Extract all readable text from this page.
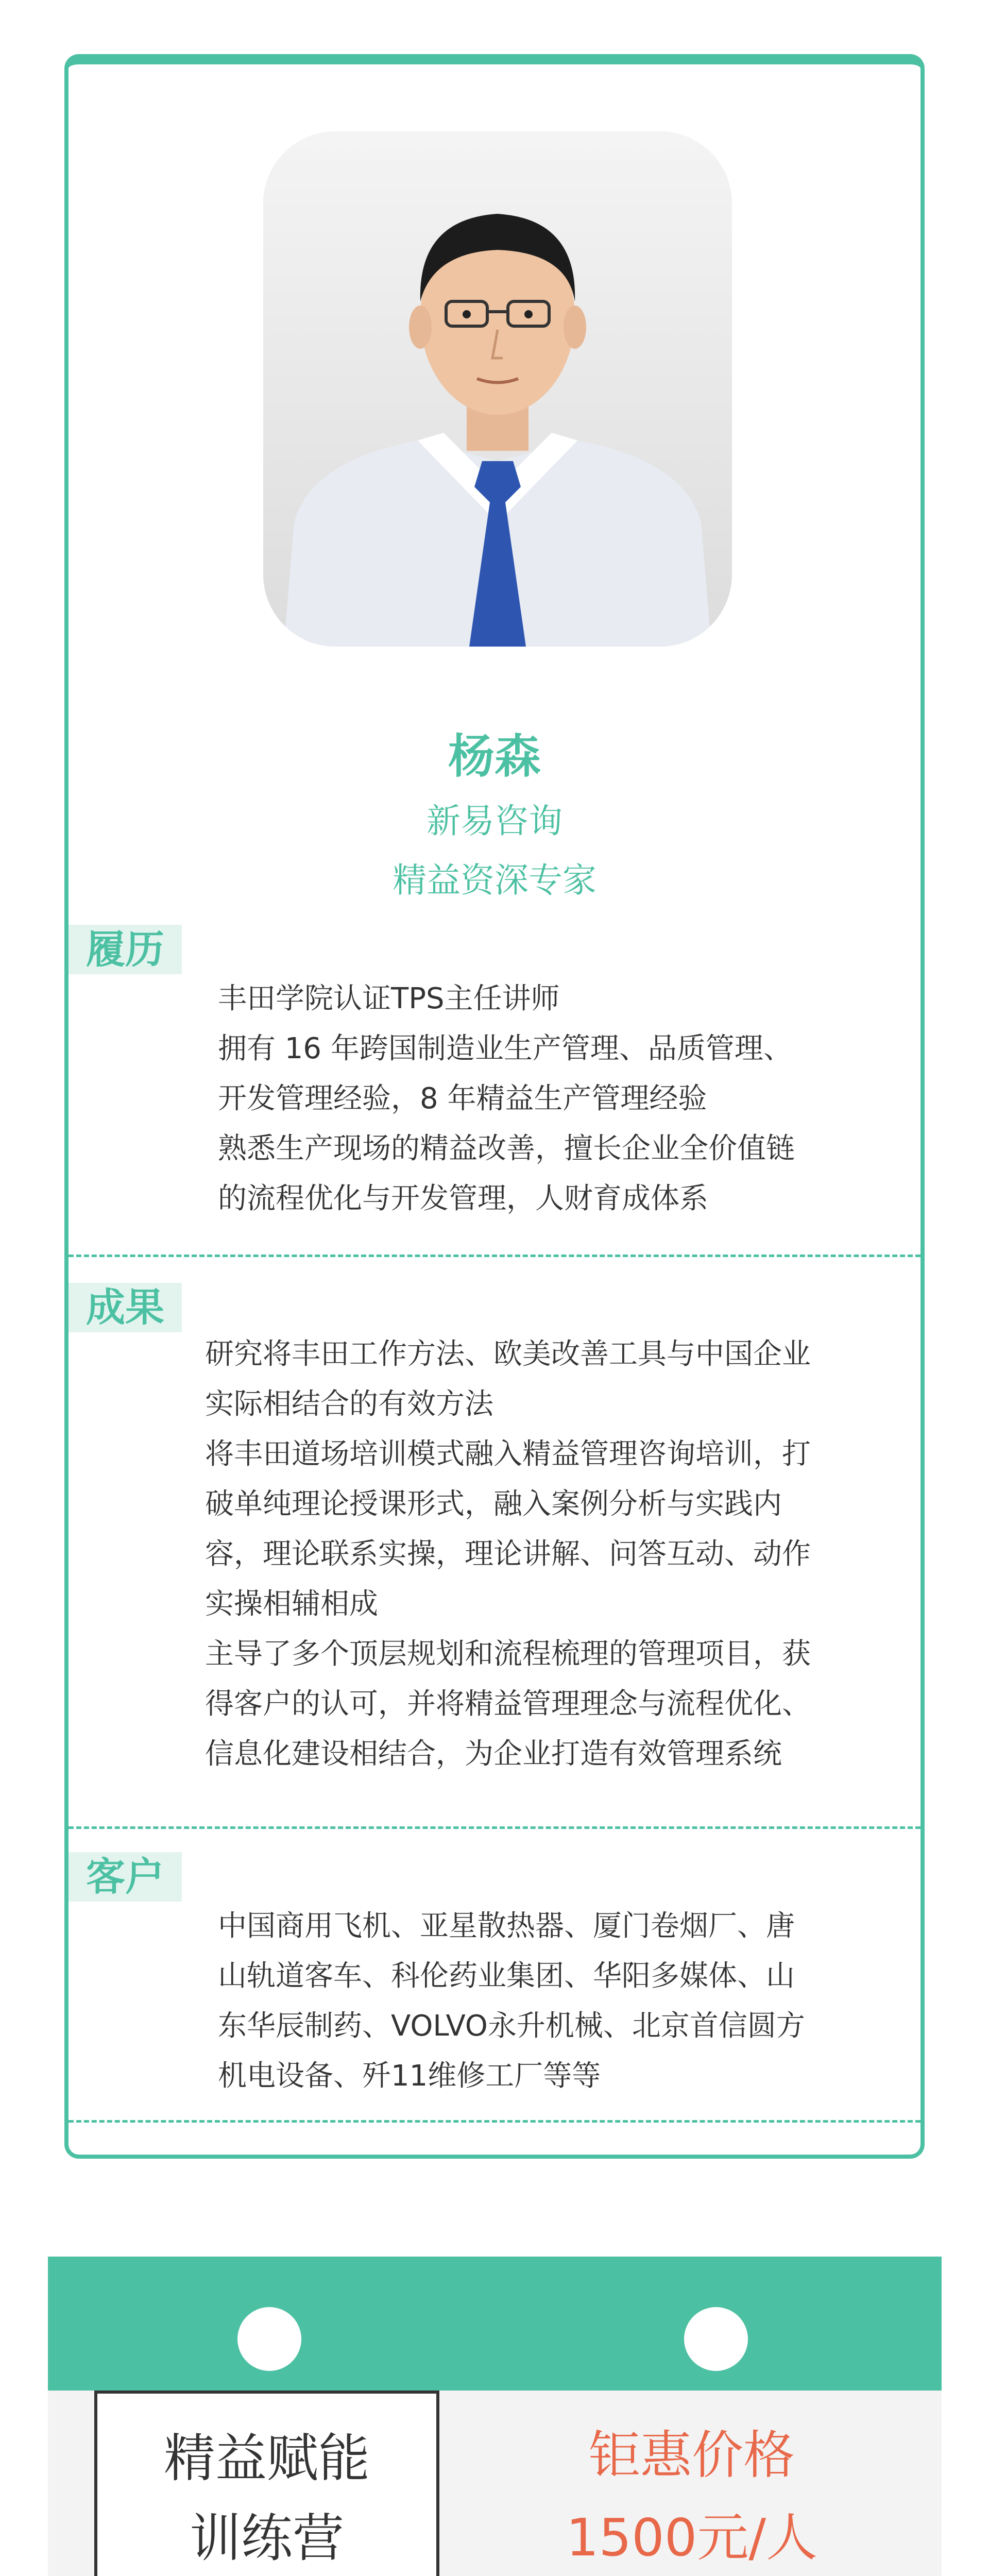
杨森
新易咨询
精益资深专家
履历
丰田学院认证TPS主任讲师
拥有 16 年跨国制造业生产管理、品质管理、
开发管理经验，8 年精益生产管理经验
熟悉生产现场的精益改善，擅长企业全价值链
的流程优化与开发管理，人财育成体系
成果
研究将丰田工作方法、欧美改善工具与中国企业
实际相结合的有效方法
将丰田道场培训模式融入精益管理咨询培训，打
破单纯理论授课形式，融入案例分析与实践内
容，理论联系实操，理论讲解、问答互动、动作
实操相辅相成
主导了多个顶层规划和流程梳理的管理项目，获
得客户的认可，并将精益管理理念与流程优化、
信息化建设相结合，为企业打造有效管理系统
客户
中国商用飞机、亚星散热器、厦门卷烟厂、唐
山轨道客车、科伦药业集团、华阳多媒体、山
东华辰制药、VOLVO永升机械、北京首信圆方
机电设备、歼11维修工厂等等
精益赋能
训练营
钜惠价格
1500元/人
